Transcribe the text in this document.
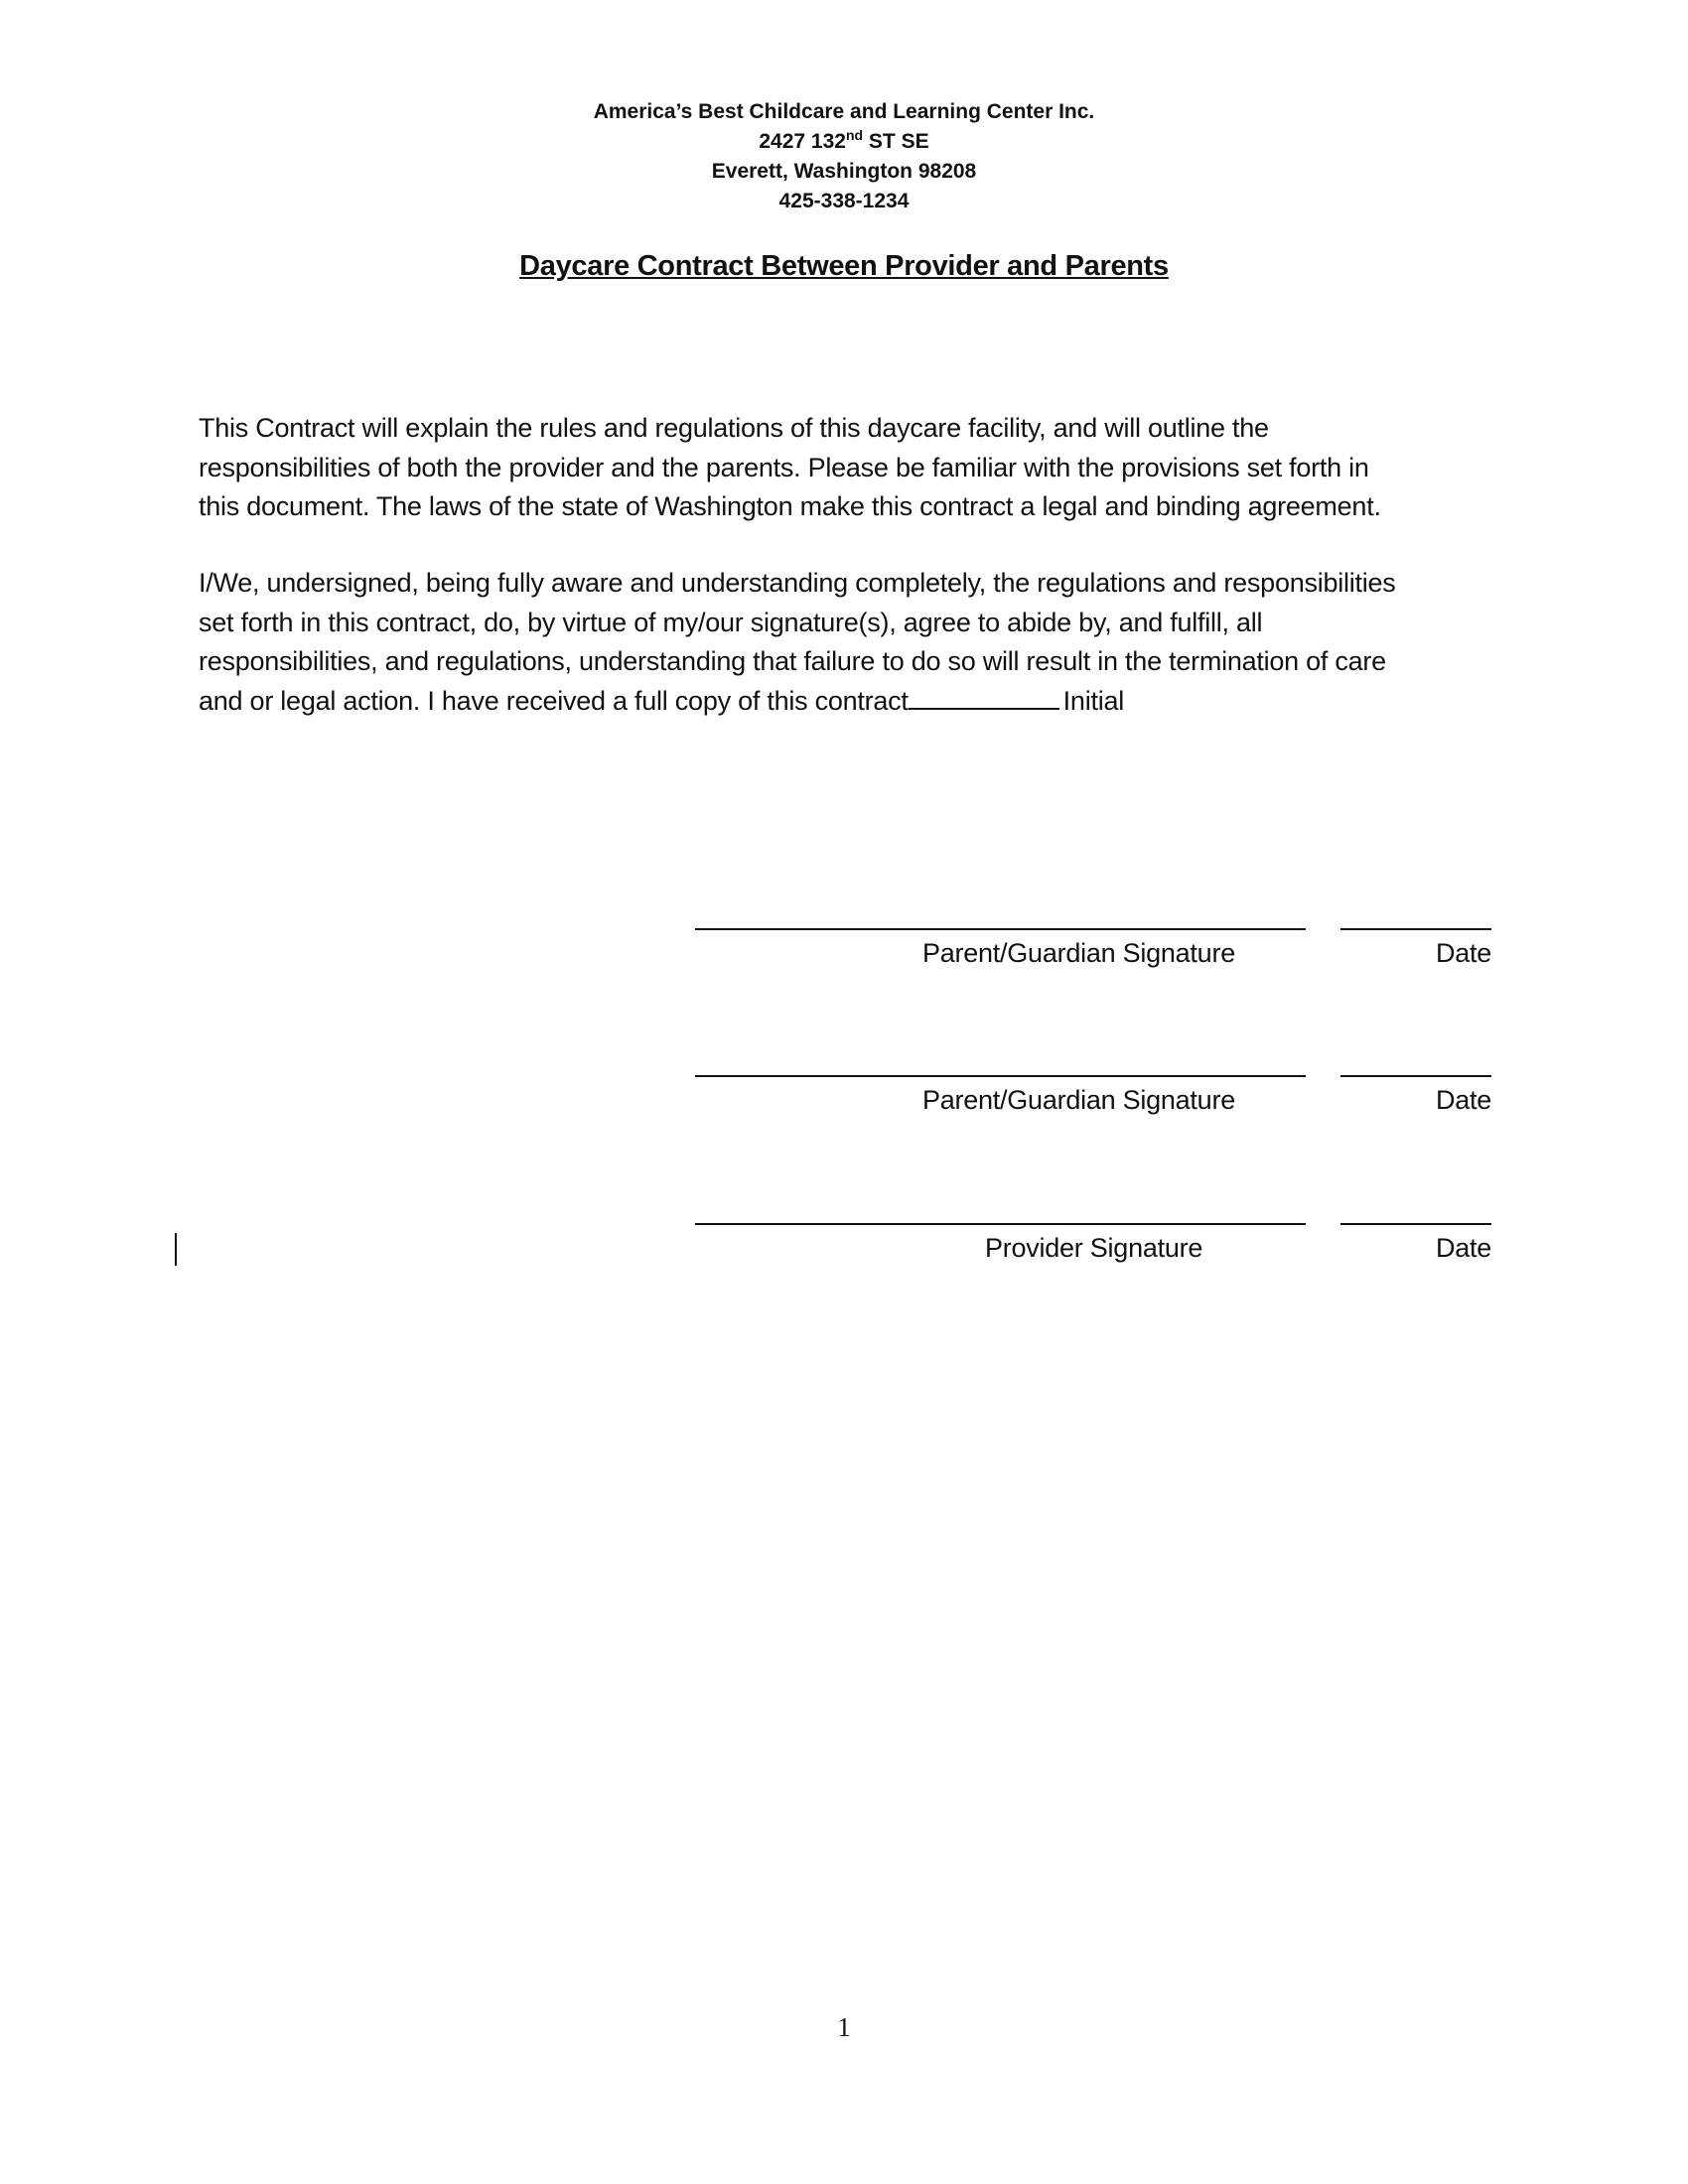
America’s Best Childcare and Learning Center Inc.
2427 132nd ST SE
Everett, Washington 98208
425-338-1234
Daycare Contract Between Provider and Parents
This Contract will explain the rules and regulations of this daycare facility, and will outline the
responsibilities of both the provider and the parents. Please be familiar with the provisions set forth in
this document. The laws of the state of Washington make this contract a legal and binding agreement.
I/We, undersigned, being fully aware and understanding completely, the regulations and responsibilities
set forth in this contract, do, by virtue of my/our signature(s), agree to abide by, and fulfill, all
responsibilities, and regulations, understanding that failure to do so will result in the termination of care
and or legal action. I have received a full copy of this contract	Initial
Parent/Guardian Signature	Date
Parent/Guardian Signature	Date
Provider Signature	Date
1
